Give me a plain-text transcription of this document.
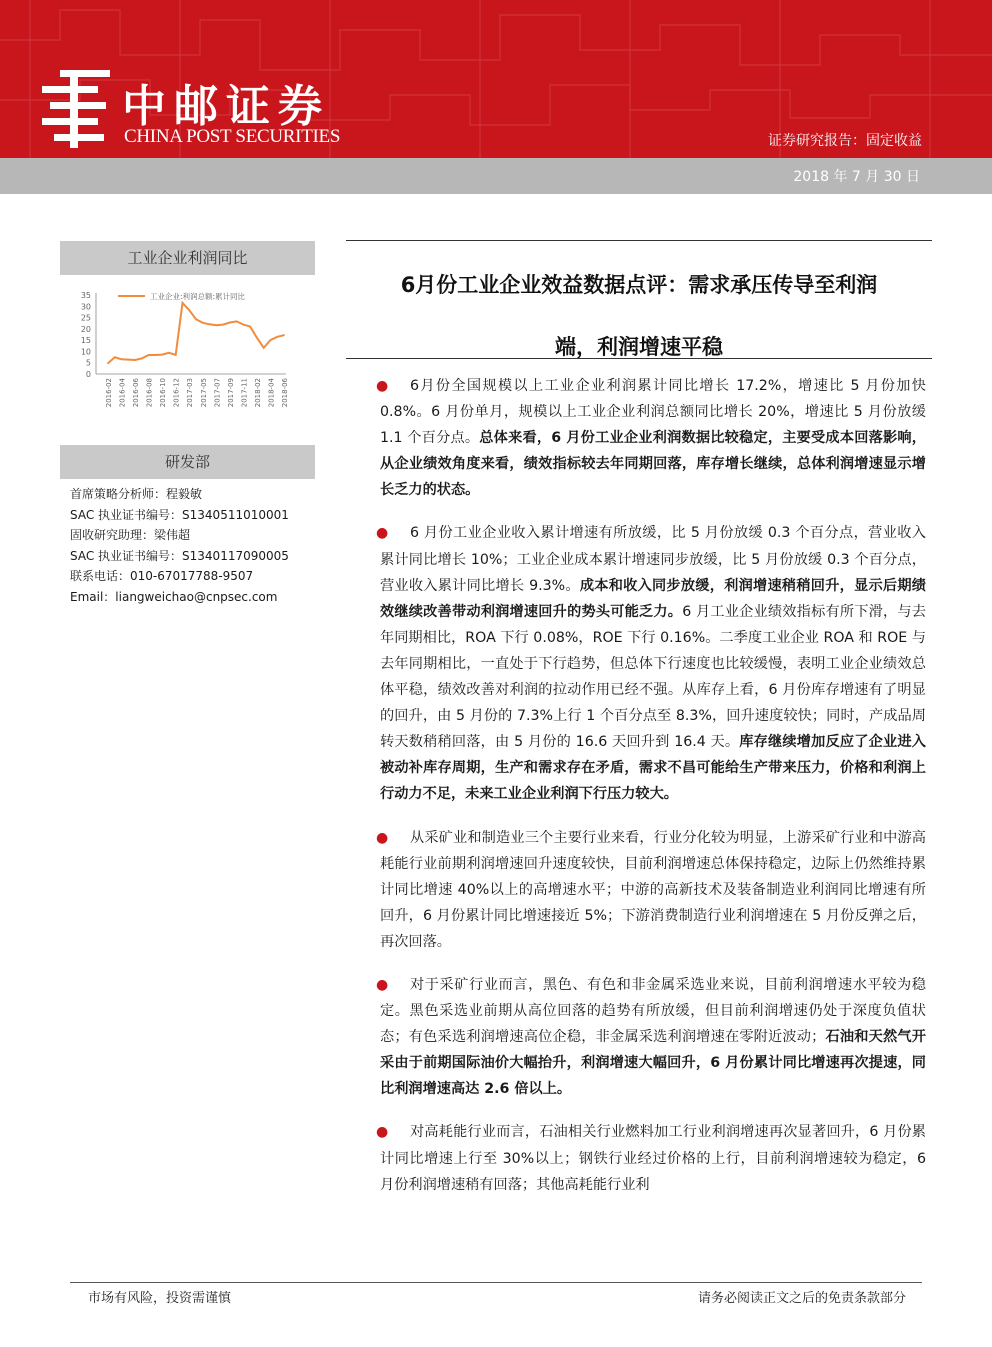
中邮证券
CHINA POST SECURITIES	证券研究报告：固定收益
2018 年 7 月 30 日
工业企业利润同比
0
5
10
15
20
25
30
35
2016-02 2016-04 2016-06 2016-08 2016-10 2016-12 2017-03 2017-05 2017-07 2017-09 2017-11 2018-02 2018-04 2018-06
工业企业:利润总额:累计同比
研发部
首席策略分析师：程毅敏
SAC 执业证书编号：S1340511010001
固收研究助理：梁伟超
SAC 执业证书编号：S1340117090005
联系电话：010-67017788-9507
Email：liangweichao@cnpsec.com
6月份工业企业效益数据点评：需求承压传导至利润
端，利润增速平稳

● 6月份全国规模以上工业企业利润累计同比增长 17.2%，增速比 5 月份加快 0.8%。6 月份单月，规模以上工业企业利润总额同比增长 20%，增速比 5 月份放缓 1.1 个百分点。总体来看，6 月份工业企业利润数据比较稳定，主要受成本回落影响，从企业绩效角度来看，绩效指标较去年同期回落，库存增长继续，总体利润增速显示增长乏力的状态。

● 6 月份工业企业收入累计增速有所放缓，比 5 月份放缓 0.3 个百分点，营业收入累计同比增长 10%；工业企业成本累计增速同步放缓，比 5 月份放缓 0.3 个百分点，营业收入累计同比增长 9.3%。成本和收入同步放缓，利润增速稍稍回升，显示后期绩效继续改善带动利润增速回升的势头可能乏力。6 月工业企业绩效指标有所下滑，与去年同期相比，ROA 下行 0.08%，ROE 下行 0.16%。二季度工业企业 ROA 和 ROE 与去年同期相比，一直处于下行趋势，但总体下行速度也比较缓慢，表明工业企业绩效总体平稳，绩效改善对利润的拉动作用已经不强。从库存上看，6 月份库存增速有了明显的回升，由 5 月份的 7.3%上行 1 个百分点至 8.3%，回升速度较快；同时，产成品周转天数稍稍回落，由 5 月份的 16.6 天回升到 16.4 天。库存继续增加反应了企业进入被动补库存周期，生产和需求存在矛盾，需求不昌可能给生产带来压力，价格和利润上行动力不足，未来工业企业利润下行压力较大。

● 从采矿业和制造业三个主要行业来看，行业分化较为明显，上游采矿行业和中游高耗能行业前期利润增速回升速度较快，目前利润增速总体保持稳定，边际上仍然维持累计同比增速 40%以上的高增速水平；中游的高新技术及装备制造业利润同比增速有所回升，6 月份累计同比增速接近 5%；下游消费制造行业利润增速在 5 月份反弹之后，再次回落。

● 对于采矿行业而言，黑色、有色和非金属采选业来说，目前利润增速水平较为稳定。黑色采选业前期从高位回落的趋势有所放缓，但目前利润增速仍处于深度负值状态；有色采选利润增速高位企稳，非金属采选利润增速在零附近波动；石油和天然气开采由于前期国际油价大幅抬升，利润增速大幅回升，6 月份累计同比增速再次提速，同比利润增速高达 2.6 倍以上。

● 对高耗能行业而言，石油相关行业燃料加工行业利润增速再次显著回升，6 月份累计同比增速上行至 30%以上；钢铁行业经过价格的上行，目前利润增速较为稳定，6 月份利润增速稍有回落；其他高耗能行业利

市场有风险，投资需谨慎	请务必阅读正文之后的免责条款部分
